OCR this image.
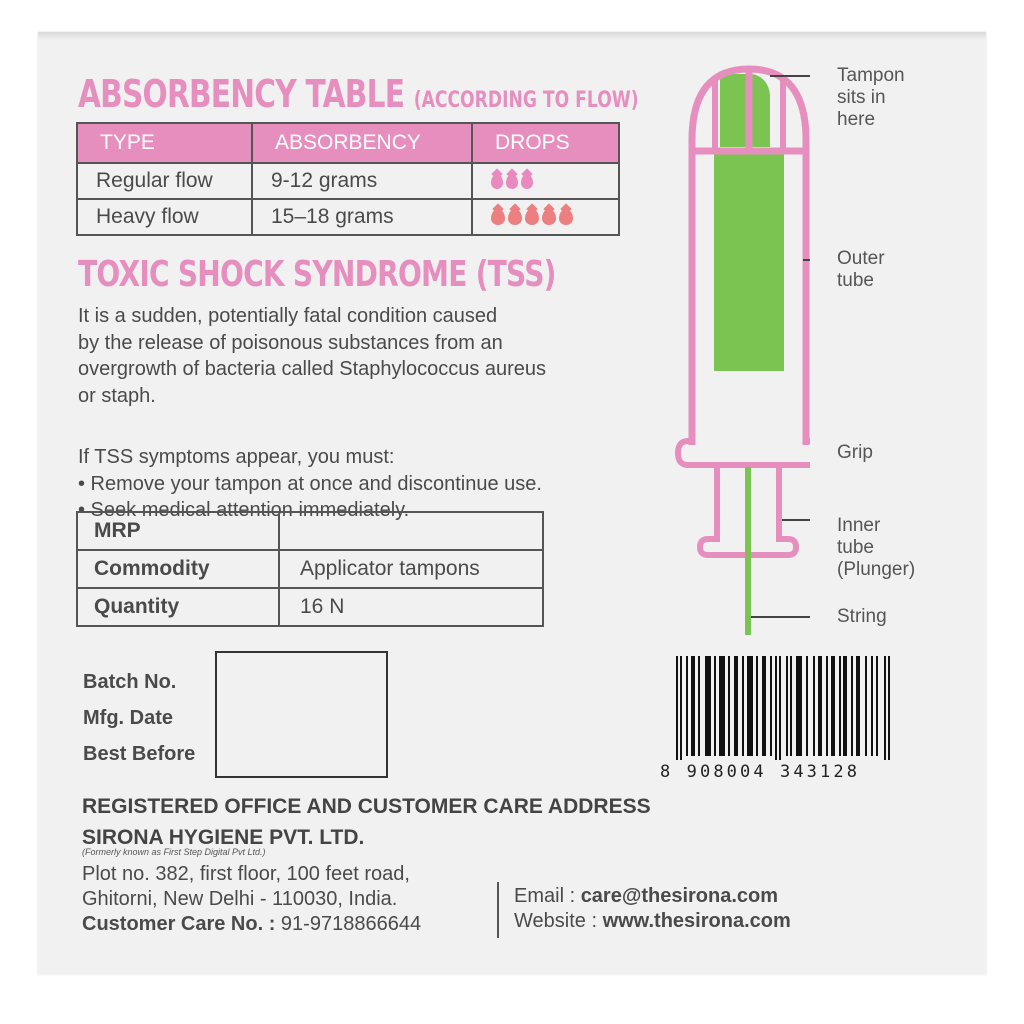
ABSORBENCY TABLE (ACCORDING TO FLOW)
TYPE	ABSORBENCY	DROPS
Regular flow	9-12 grams	

Heavy flow	15–18 grams	
TOXIC SHOCK SYNDROME (TSS)
It is a sudden, potentially fatal condition caused
by the release of poisonous substances from an
overgrowth of bacteria called Staphylococcus aureus
or staph.
If TSS symptoms appear, you must:
• Remove your tampon at once and discontinue use.
• Seek medical attention immediately.
MRP	
Commodity	Applicator tampons
Quantity	16 N
Batch No.
Mfg. Date
Best Before
Tampon
sits in
here
Outer
tube
Grip
Inner
tube
(Plunger)
String
8 908004 343128
REGISTERED OFFICE AND CUSTOMER CARE ADDRESS
SIRONA HYGIENE PVT. LTD.
(Formerly known as First Step Digital Pvt Ltd.)
Plot no. 382, first floor, 100 feet road,
Ghitorni, New Delhi - 110030, India.
Customer Care No. : 91-9718866644
Email : care@thesirona.com
Website : www.thesirona.com
